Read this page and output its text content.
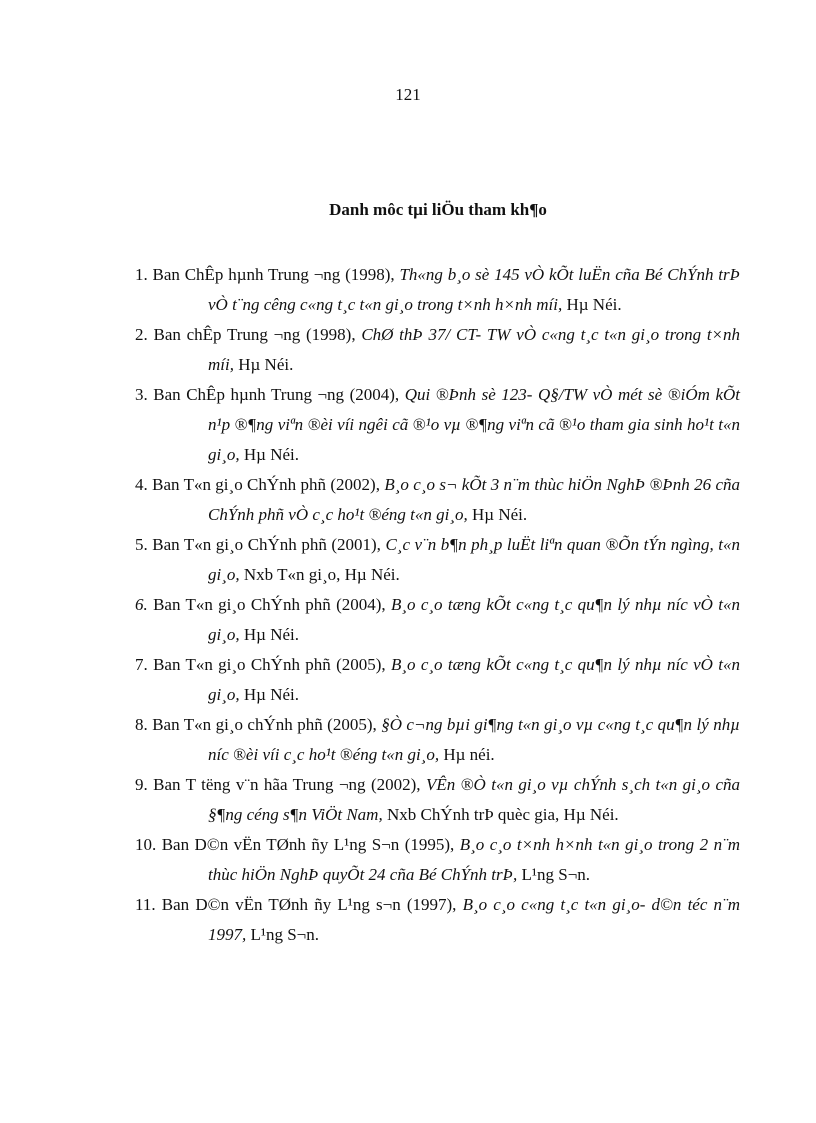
121
Danh môc tµi liÖu tham kh¶o
1. Ban ChÊp hµnh Trung ¬ng (1998), Th«ng b¸o sè 145 vÒ kÕt luËn cña Bé ChÝnh trÞ vÒ t¨ng cêng c«ng t¸c t«n gi¸o trong t×nh h×nh míi, Hµ Néi.
2. Ban chÊp Trung ¬ng (1998), ChØ thÞ 37/ CT- TW vÒ c«ng t¸c t«n gi¸o trong t×nh míi, Hµ Néi.
3. Ban ChÊp hµnh Trung ¬ng (2004), Qui ®Þnh sè 123- Q§/TW vÒ mét sè ®iÓm kÕt n¹p ®¶ng viªn ®èi víi ngêi cã ®¹o vµ ®¶ng viªn cã ®¹o tham gia sinh ho¹t t«n gi¸o, Hµ Néi.
4. Ban T«n gi¸o ChÝnh phñ (2002), B¸o c¸o s¬ kÕt 3 n¨m thùc hiÖn NghÞ ®Þnh 26 cña ChÝnh phñ vÒ c¸c ho¹t ®éng t«n gi¸o, Hµ Néi.
5. Ban T«n gi¸o ChÝnh phñ (2001), C¸c v¨n b¶n ph¸p luËt liªn quan ®Õn tÝn ngìng, t«n gi¸o, Nxb T«n gi¸o, Hµ Néi.
6. Ban T«n gi¸o ChÝnh phñ (2004), B¸o c¸o tæng kÕt c«ng t¸c qu¶n lý nhµ níc vÒ t«n gi¸o, Hµ Néi.
7. Ban T«n gi¸o ChÝnh phñ (2005), B¸o c¸o tæng kÕt c«ng t¸c qu¶n lý nhµ níc vÒ t«n gi¸o, Hµ Néi.
8. Ban T«n gi¸o chÝnh phñ (2005), §Ò c¬ng bµi gi¶ng t«n gi¸o vµ c«ng t¸c qu¶n lý nhµ níc ®èi víi c¸c ho¹t ®éng t«n gi¸o, Hµ néi.
9. Ban T tëng v¨n hãa Trung ¬ng (2002), VÊn ®Ò t«n gi¸o vµ chÝnh s¸ch t«n gi¸o cña §¶ng céng s¶n ViÖt Nam, Nxb ChÝnh trÞ quèc gia, Hµ Néi.
10. Ban D©n vËn TØnh ñy L¹ng S¬n (1995), B¸o c¸o t×nh h×nh t«n gi¸o trong 2 n¨m thùc hiÖn NghÞ quyÕt 24 cña Bé ChÝnh trÞ, L¹ng S¬n.
11. Ban D©n vËn TØnh ñy L¹ng s¬n (1997), B¸o c¸o c«ng t¸c t«n gi¸o- d©n téc n¨m 1997, L¹ng S¬n.
